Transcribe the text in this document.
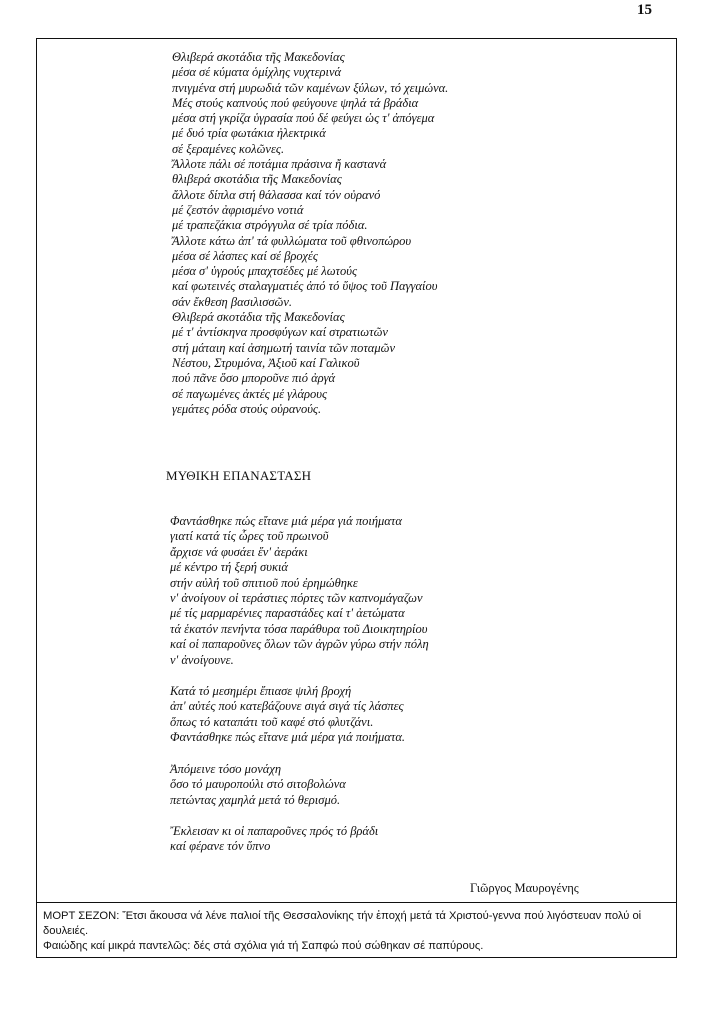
15
Θλιβερά σκοτάδια τῆς Μακεδονίας
μέσα σέ κύματα ὁμίχλης νυχτερινά
πνιγμένα στή μυρωδιά τῶν καμένων ξύλων, τό χειμώνα.
Μές στούς καπνούς πού φεύγουνε ψηλά τά βράδια
μέσα στή γκρίζα ὑγρασία πού δέ φεύγει ὡς τ' ἀπόγεμα
μέ δυό τρία φωτάκια ἠλεκτρικά
σέ ξεραμένες κολῶνες.
Ἄλλοτε πάλι σέ ποτάμια πράσινα ἤ καστανά
θλιβερά σκοτάδια τῆς Μακεδονίας
ἄλλοτε δίπλα στή θάλασσα καί τόν οὐρανό
μέ ζεστόν ἀφρισμένο νοτιά
μέ τραπεζάκια στρόγγυλα σέ τρία πόδια.
Ἄλλοτε κάτω ἀπ' τά φυλλώματα τοῦ φθινοπώρου
μέσα σέ λάσπες καί σέ βροχές
μέσα σ' ὑγρούς μπαχτσέδες μέ λωτούς
καί φωτεινές σταλαγματιές ἀπό τό ὕψος τοῦ Παγγαίου
σάν ἔκθεση βασιλισσῶν.
Θλιβερά σκοτάδια τῆς Μακεδονίας
μέ τ' ἀντίσκηνα προσφύγων καί στρατιωτῶν
στή μάταιη καί ἀσημωτή ταινία τῶν ποταμῶν
Νέστου, Στρυμόνα, Ἀξιοῦ καί Γαλικοῦ
πού πᾶνε ὅσο μποροῦνε πιό ἀργά
σέ παγωμένες ἀκτές μέ γλάρους
γεμάτες ρόδα στούς οὐρανούς.
ΜΥΘΙΚΗ ΕΠΑΝΑΣΤΑΣΗ
Φαντάσθηκε πώς εἴτανε μιά μέρα γιά ποιήματα
γιατί κατά τίς ὧρες τοῦ πρωινοῦ
ἄρχισε νά φυσάει ἕν' ἀεράκι
μέ κέντρο τή ξερή συκιά
στήν αὐλή τοῦ σπιτιοῦ πού ἐρημώθηκε
ν' ἀνοίγουν οἱ τεράστιες πόρτες τῶν καπνομάγαζων
μέ τίς μαρμαρένιες παραστάδες καί τ' ἀετώματα
τά ἑκατόν πενήντα τόσα παράθυρα τοῦ Διοικητηρίου
καί οἱ παπαροῦνες ὅλων τῶν ἀγρῶν γύρω στήν πόλη
ν' ἀνοίγουνε.
Κατά τό μεσημέρι ἔπιασε ψιλή βροχή
ἀπ' αὐτές πού κατεβάζουνε σιγά σιγά τίς λάσπες
ὅπως τό καταπάτι τοῦ καφέ στό φλυτζάνι.
Φαντάσθηκε πώς εἴτανε μιά μέρα γιά ποιήματα.
Ἀπόμεινε τόσο μονάχη
ὅσο τό μαυροπούλι στό σιτοβολώνα
πετώντας χαμηλά μετά τό θερισμό.
Ἔκλεισαν κι οἱ παπαροῦνες πρός τό βράδι
καί φέρανε τόν ὕπνο
Γιῶργος Μαυρογένης
ΜΟΡΤ ΣΕΖΟΝ: Ἔτσι ἄκουσα νά λένε παλιοί τῆς Θεσσαλονίκης τήν ἐποχή μετά τά Χριστού-γεννα πού λιγόστευαν πολύ οἱ δουλειές.
Φαιώδης καί μικρά παντελῶς: δές στά σχόλια γιά τή Σαπφώ πού σώθηκαν σέ παπύρους.
